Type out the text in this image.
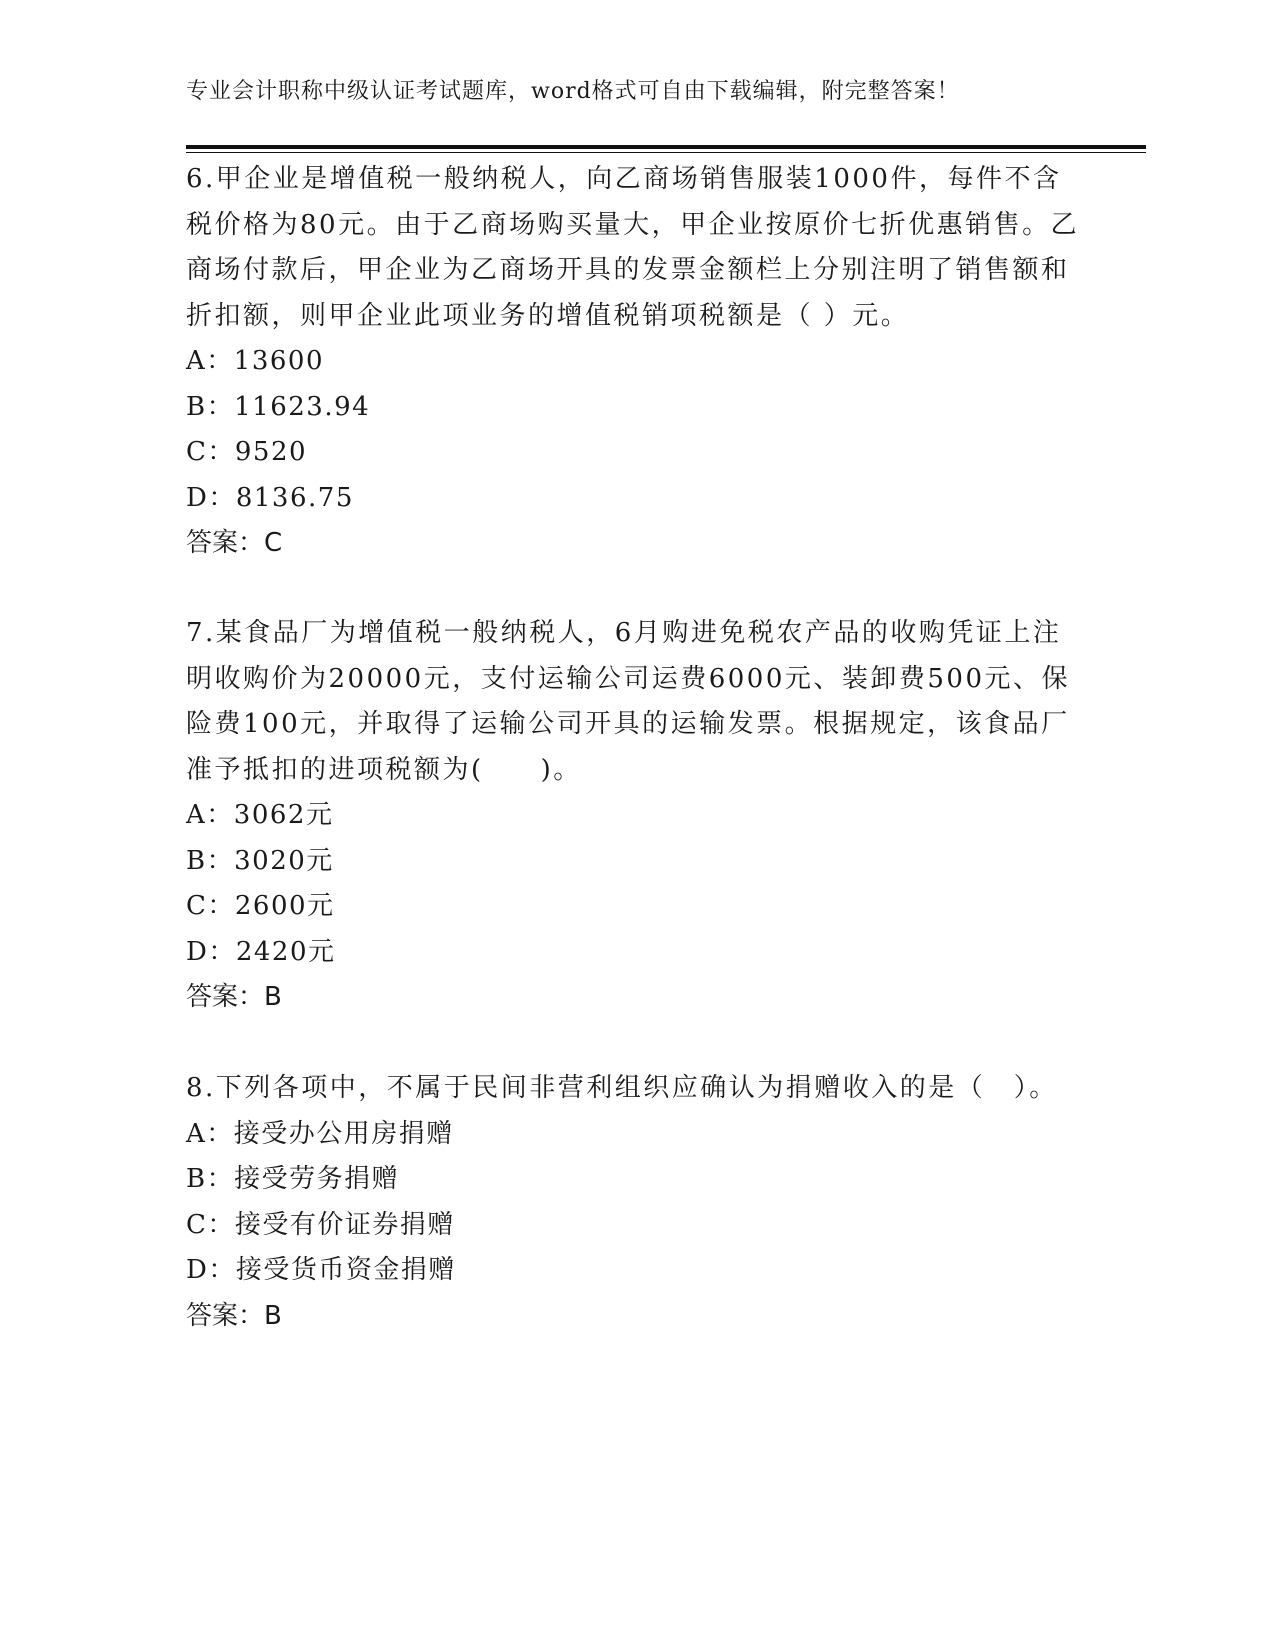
专业会计职称中级认证考试题库，word格式可自由下载编辑，附完整答案！

6.甲企业是增值税一般纳税人，向乙商场销售服装1000件，每件不含税价格为80元。由于乙商场购买量大，甲企业按原价七折优惠销售。乙商场付款后，甲企业为乙商场开具的发票金额栏上分别注明了销售额和折扣额，则甲企业此项业务的增值税销项税额是（ ）元。

A：13600

B：11623.94

C：9520

D：8136.75

答案：C

7.某食品厂为增值税一般纳税人，6月购进免税农产品的收购凭证上注明收购价为20000元，支付运输公司运费6000元、装卸费500元、保险费100元，并取得了运输公司开具的运输发票。根据规定，该食品厂准予抵扣的进项税额为(　　)。

A：3062元

B：3020元

C：2600元

D：2420元

答案：B

8.下列各项中，不属于民间非营利组织应确认为捐赠收入的是（　）。

A：接受办公用房捐赠

B：接受劳务捐赠

C：接受有价证券捐赠

D：接受货币资金捐赠

答案：B
